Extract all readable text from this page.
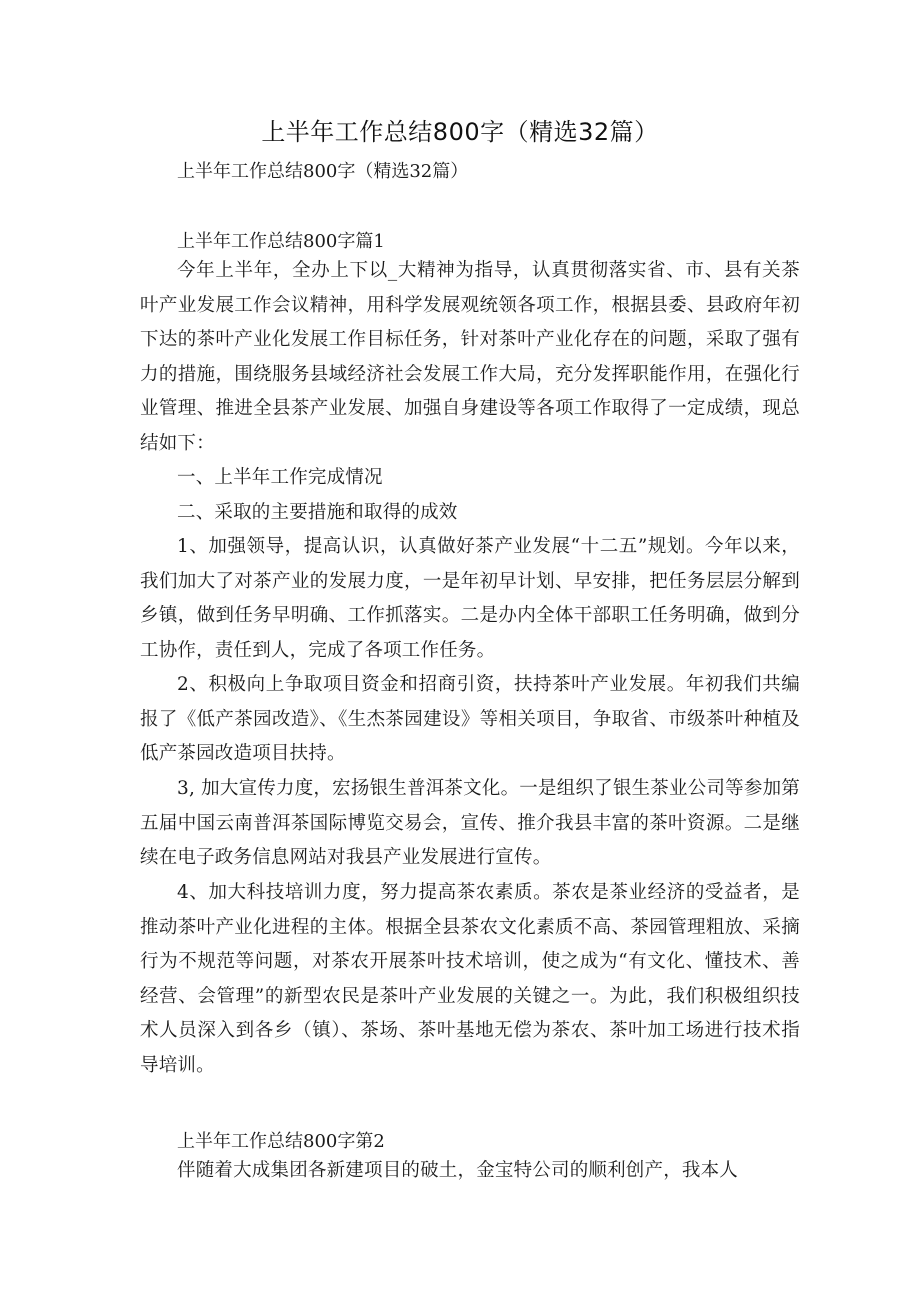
上半年工作总结800字（精选32篇）

上半年工作总结800字（精选32篇）

上半年工作总结800字篇1

今年上半年，全办上下以_大精神为指导，认真贯彻落实省、市、县有关茶叶产业发展工作会议精神，用科学发展观统领各项工作，根据县委、县政府年初下达的茶叶产业化发展工作目标任务，针对茶叶产业化存在的问题，采取了强有力的措施，围绕服务县域经济社会发展工作大局，充分发挥职能作用，在强化行业管理、推进全县茶产业发展、加强自身建设等各项工作取得了一定成绩，现总结如下：

一、上半年工作完成情况

二、采取的主要措施和取得的成效

1、加强领导，提高认识，认真做好茶产业发展“十二五”规划。今年以来，我们加大了对茶产业的发展力度，一是年初早计划、早安排，把任务层层分解到乡镇，做到任务早明确、工作抓落实。二是办内全体干部职工任务明确，做到分工协作，责任到人，完成了各项工作任务。

2、积极向上争取项目资金和招商引资，扶持茶叶产业发展。年初我们共编报了《低产茶园改造》、《生杰茶园建设》等相关项目，争取省、市级茶叶种植及低产茶园改造项目扶持。

3, 加大宣传力度，宏扬银生普洱茶文化。一是组织了银生茶业公司等参加第五届中国云南普洱茶国际博览交易会，宣传、推介我县丰富的茶叶资源。二是继续在电子政务信息网站对我县产业发展进行宣传。

4、加大科技培训力度，努力提高茶农素质。茶农是茶业经济的受益者，是推动茶叶产业化进程的主体。根据全县茶农文化素质不高、茶园管理粗放、采摘行为不规范等问题，对茶农开展茶叶技术培训，使之成为“有文化、懂技术、善经营、会管理”的新型农民是茶叶产业发展的关键之一。为此，我们积极组织技术人员深入到各乡（镇）、茶场、茶叶基地无偿为茶农、茶叶加工场进行技术指导培训。

上半年工作总结800字第2

伴随着大成集团各新建项目的破土，金宝特公司的顺利创产，我本人
